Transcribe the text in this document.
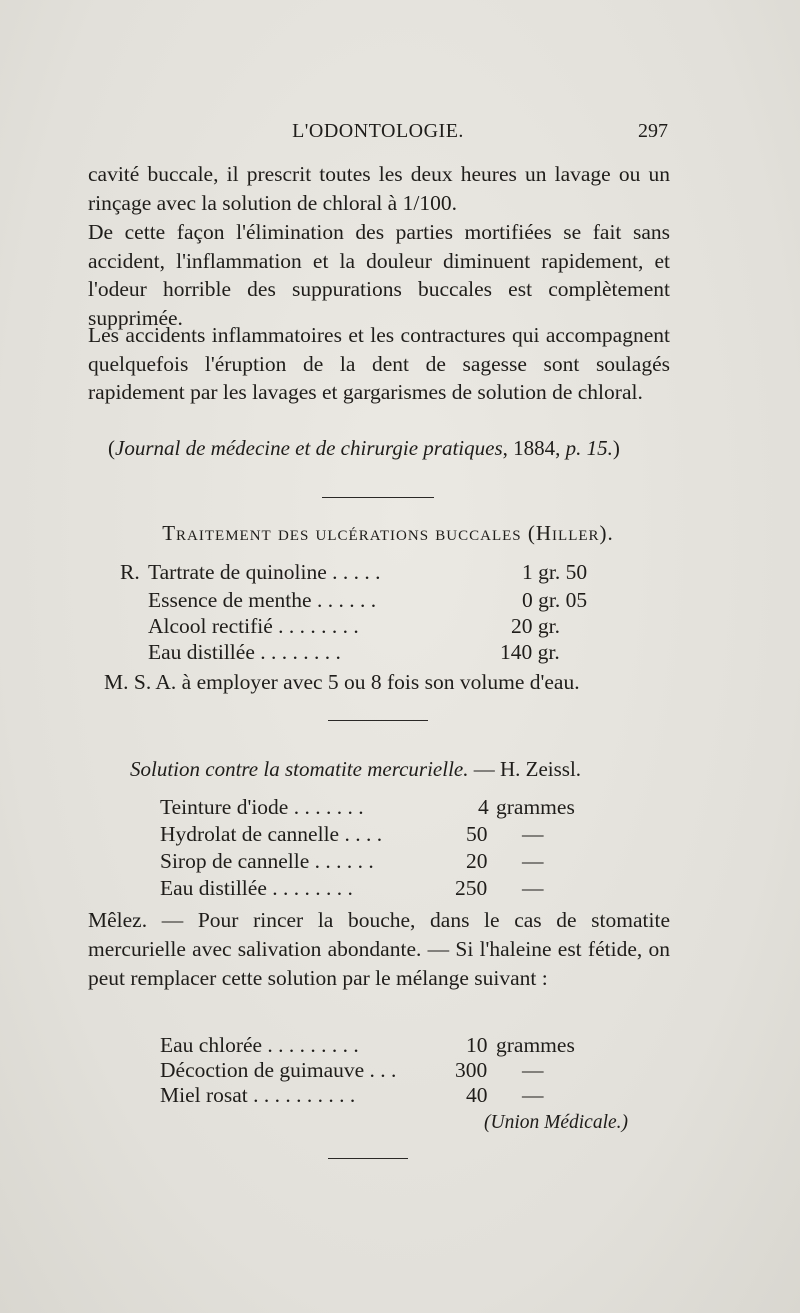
L'ODONTOLOGIE.	297

cavité buccale, il prescrit toutes les deux heures un lavage ou un rinçage avec la solution de chloral à 1/100.

De cette façon l'élimination des parties mortifiées se fait sans accident, l'inflammation et la douleur diminuent rapidement, et l'odeur horrible des suppurations buccales est complètement supprimée.

Les accidents inflammatoires et les contractures qui accompagnent quelquefois l'éruption de la dent de sagesse sont soulagés rapidement par les lavages et gargarismes de solution de chloral.

(Journal de médecine et de chirurgie pratiques, 1884, p. 15.)
Traitement des ulcérations buccales (Hiller).
R. Tartrate de quinoline . . . . .	1 gr. 50
Essence de menthe . . . . . .	0 gr. 05
Alcool rectifié . . . . . . . .	20 gr.
Eau distillée . . . . . . . .	140 gr.
M. S. A. à employer avec 5 ou 8 fois son volume d'eau.
Solution contre la stomatite mercurielle. — H. Zeissl.
Teinture d'iode . . . . . . .	4 grammes
Hydrolat de cannelle . . . .	50 —
Sirop de cannelle . . . . . .	20 —
Eau distillée . . . . . . . .	250 —

Mêlez. — Pour rincer la bouche, dans le cas de stomatite mercurielle avec salivation abondante. — Si l'haleine est fétide, on peut remplacer cette solution par le mélange suivant :

Eau chlorée . . . . . . . . .	10 grammes
Décoction de guimauve . . .	300 —
Miel rosat . . . . . . . . . .	40 —
(Union Médicale.)
